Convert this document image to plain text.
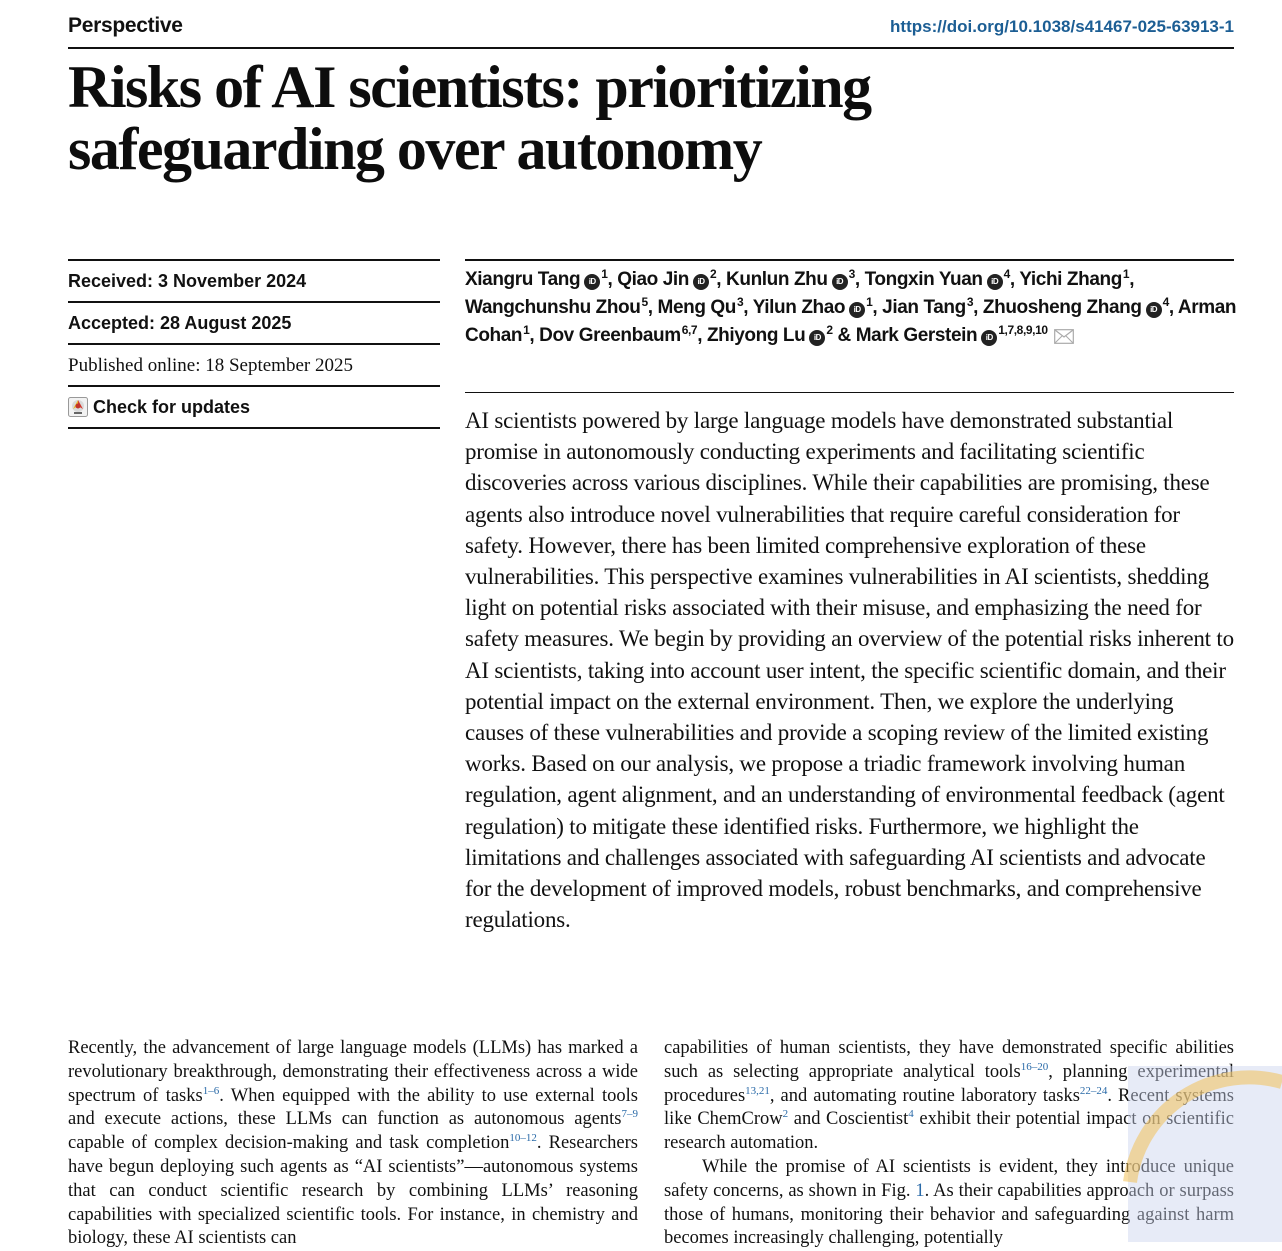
Perspective	https://doi.org/10.1038/s41467-025-63913-1
Risks of AI scientists: prioritizing safeguarding over autonomy
Received: 3 November 2024
Accepted: 28 August 2025
Published online: 18 September 2025
Check for updates
Xiangru Tang $iD^1$, Qiao Jin $iD^2$, Kunlun Zhu $iD^3$, Tongxin Yuan $iD^4$, Yichi Zhang$^1$, Wangchunshu Zhou$^5$, Meng Qu$^3$, Yilun Zhao $iD^1$, Jian Tang$^3$, Zhuosheng Zhang $iD^4$, Arman Cohan$^1$, Dov Greenbaum$^{6,7}$, Zhiyong Lu $iD^2$ & Mark Gerstein iD$^{1,7,8,9,10}$

AI scientists powered by large language models have demonstrated substantial promise in autonomously conducting experiments and facilitating scientific discoveries across various disciplines. While their capabilities are promising, these agents also introduce novel vulnerabilities that require careful consideration for safety. However, there has been limited comprehensive exploration of these vulnerabilities. This perspective examines vulnerabilities in AI scientists, shedding light on potential risks associated with their misuse, and emphasizing the need for safety measures. We begin by providing an overview of the potential risks inherent to AI scientists, taking into account user intent, the specific scientific domain, and their potential impact on the external environment. Then, we explore the underlying causes of these vulnerabilities and provide a scoping review of the limited existing works. Based on our analysis, we propose a triadic framework involving human regulation, agent alignment, and an understanding of environmental feedback (agent regulation) to mitigate these identified risks. Furthermore, we highlight the limitations and challenges associated with safeguarding AI scientists and advocate for the development of improved models, robust benchmarks, and comprehensive regulations.

Recently, the advancement of large language models (LLMs) has marked a revolutionary breakthrough, demonstrating their effectiveness across a wide spectrum of tasks$^{1-6}$. When equipped with the ability to use external tools and execute actions, these LLMs can function as autonomous agents$^{7-9}$ capable of complex decision-making and task completion$^{10-12}$. Researchers have begun deploying such agents as “AI scientists”—autonomous systems that can conduct scientific research by combining LLMs’ reasoning capabilities with specialized scientific tools. For instance, in chemistry and biology, these AI scientists can

capabilities of human scientists, they have demonstrated specific abilities such as selecting appropriate analytical tools$^{16-20}$, planning experimental procedures$^{13,21}$, and automating routine laboratory tasks$^{22-24}$. Recent systems like ChemCrow$^2$ and Coscientist$^4$ exhibit their potential impact on scientific research automation.
While the promise of AI scientists is evident, they introduce unique safety concerns, as shown in Fig. 1. As their capabilities approach or surpass those of humans, monitoring their behavior and safeguarding against harm becomes increasingly challenging, potentially
